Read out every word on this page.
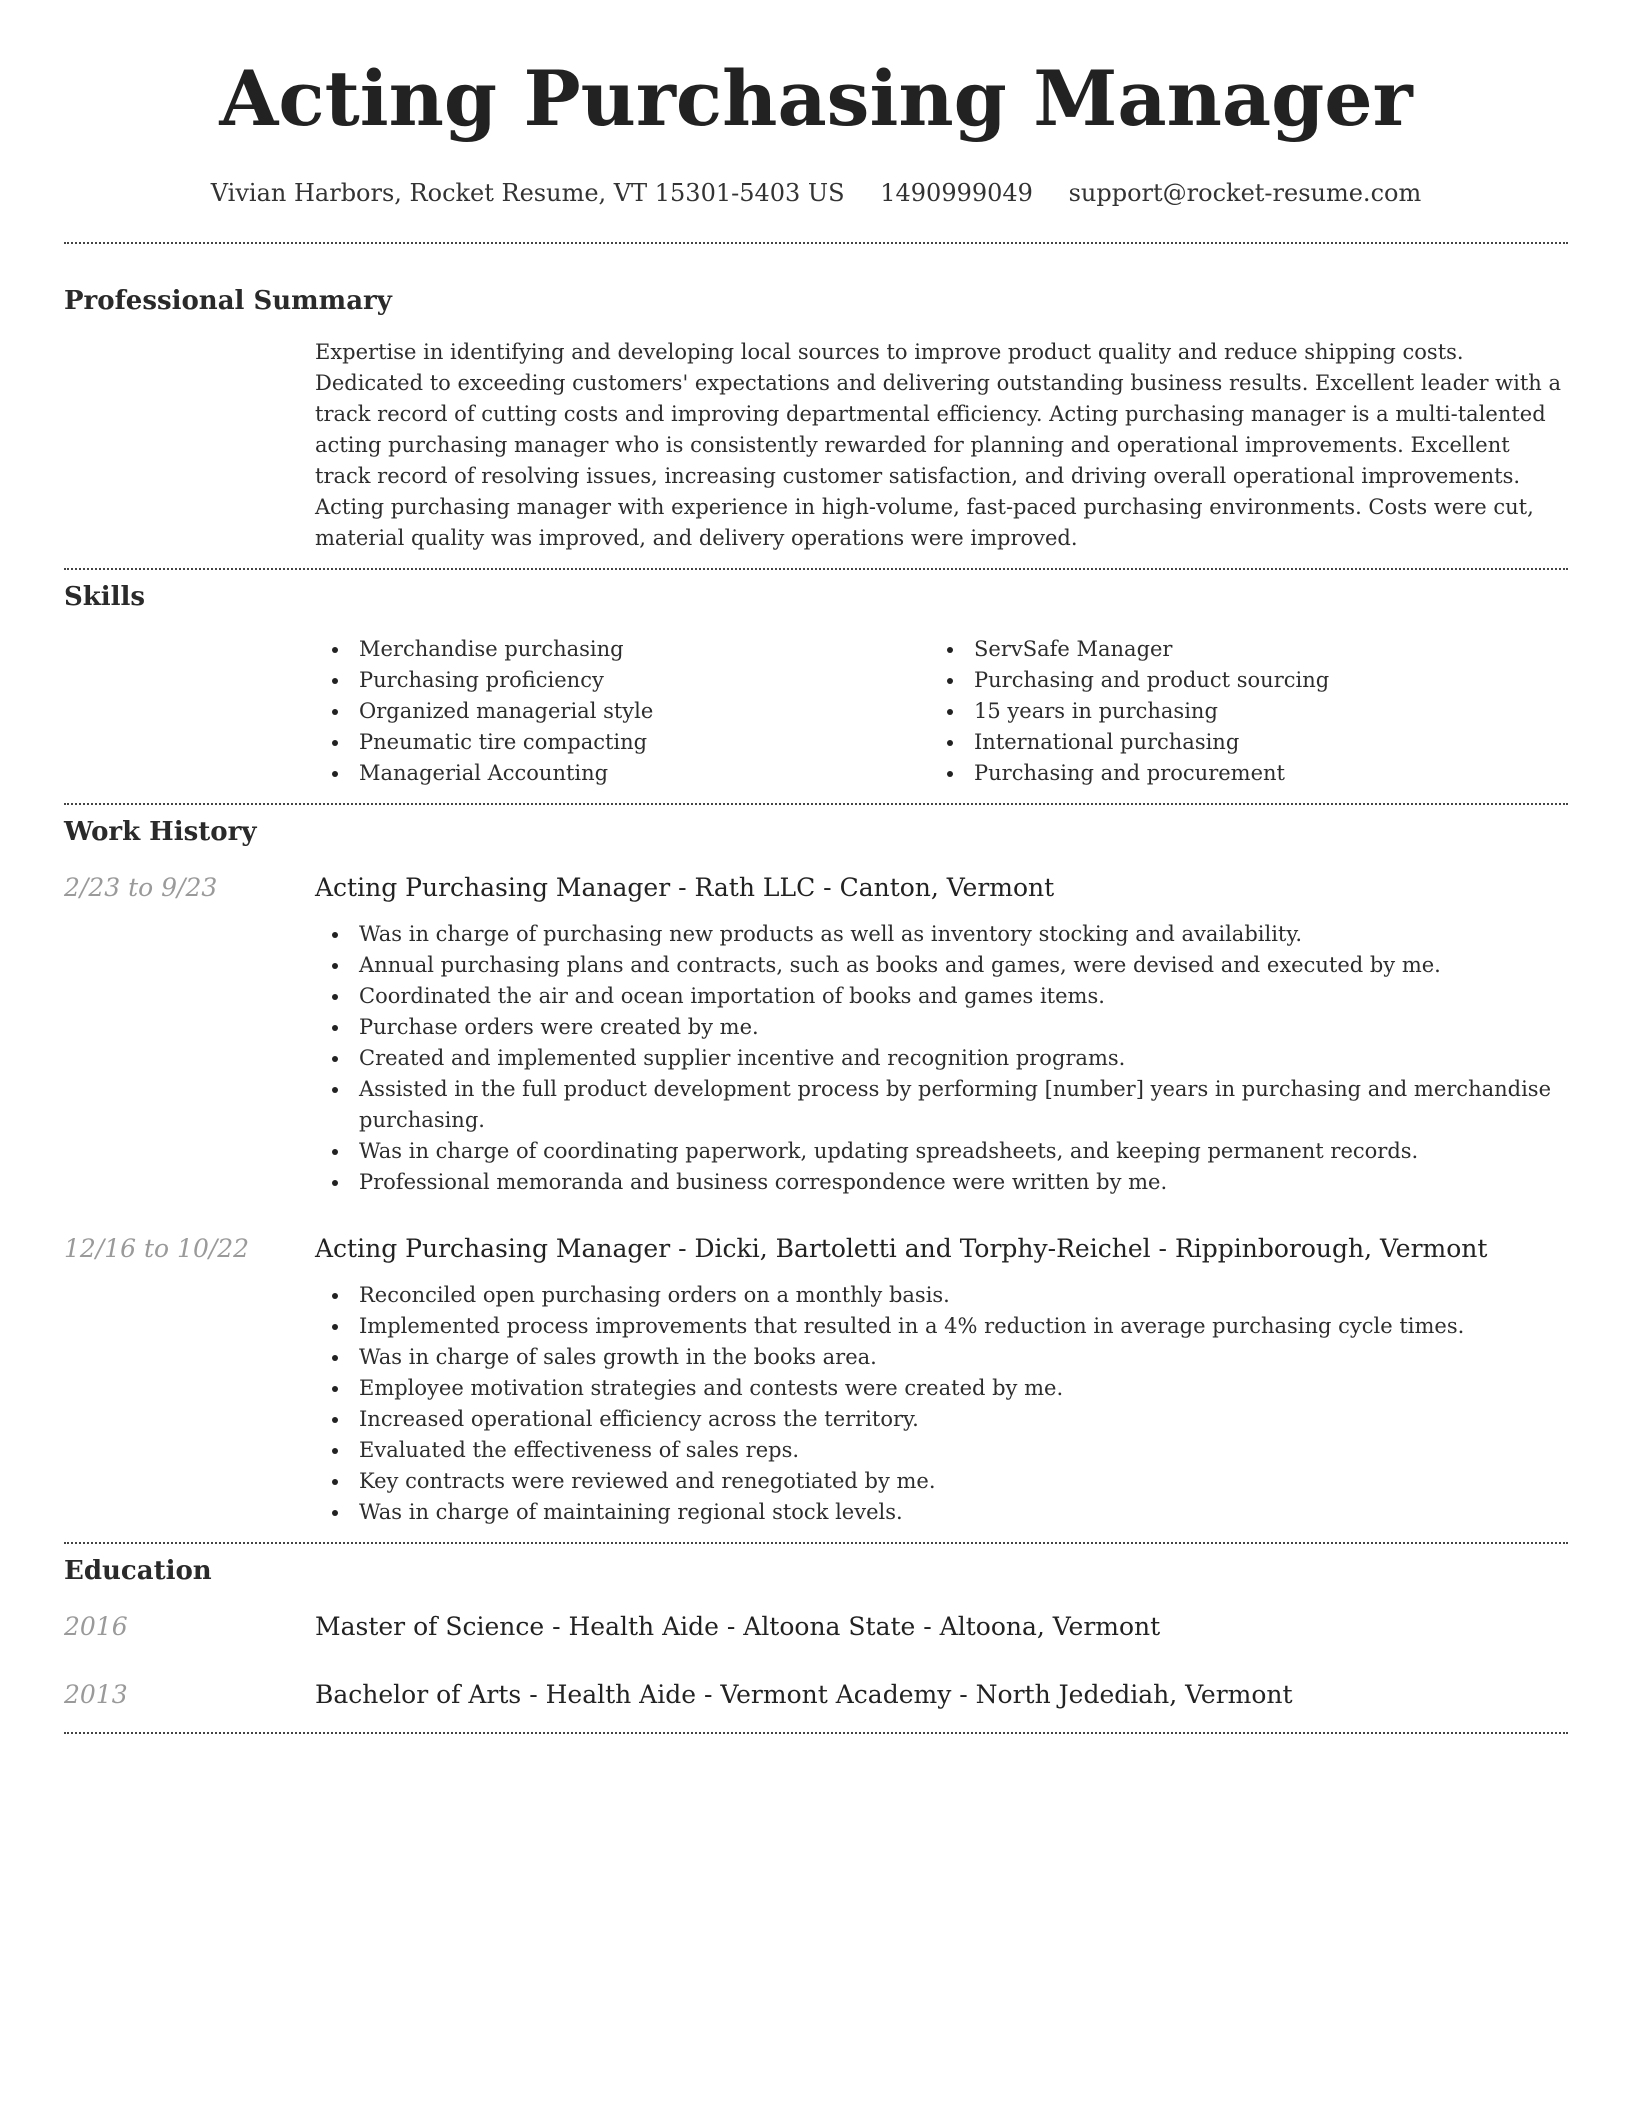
Acting Purchasing Manager
Vivian Harbors, Rocket Resume, VT 15301-5403 US 1490999049 support@rocket-resume.com
Professional Summary

Expertise in identifying and developing local sources to improve product quality and reduce shipping costs. Dedicated to exceeding customers' expectations and delivering outstanding business results. Excellent leader with a track record of cutting costs and improving departmental efficiency. Acting purchasing manager is a multi-talented acting purchasing manager who is consistently rewarded for planning and operational improvements. Excellent track record of resolving issues, increasing customer satisfaction, and driving overall operational improvements. Acting purchasing manager with experience in high-volume, fast-paced purchasing environments. Costs were cut, material quality was improved, and delivery operations were improved.

Skills
Merchandise purchasing
Purchasing proficiency
Organized managerial style
Pneumatic tire compacting
Managerial Accounting
ServSafe Manager
Purchasing and product sourcing
15 years in purchasing
International purchasing
Purchasing and procurement
Work History
2/23 to 9/23	Acting Purchasing Manager - Rath LLC - Canton, Vermont
Was in charge of purchasing new products as well as inventory stocking and availability.
Annual purchasing plans and contracts, such as books and games, were devised and executed by me.
Coordinated the air and ocean importation of books and games items.
Purchase orders were created by me.
Created and implemented supplier incentive and recognition programs.
Assisted in the full product development process by performing [number] years in purchasing and merchandise purchasing.
Was in charge of coordinating paperwork, updating spreadsheets, and keeping permanent records.
Professional memoranda and business correspondence were written by me.
12/16 to 10/22	Acting Purchasing Manager - Dicki, Bartoletti and Torphy-Reichel - Rippinborough, Vermont
Reconciled open purchasing orders on a monthly basis.
Implemented process improvements that resulted in a 4% reduction in average purchasing cycle times.
Was in charge of sales growth in the books area.
Employee motivation strategies and contests were created by me.
Increased operational efficiency across the territory.
Evaluated the effectiveness of sales reps.
Key contracts were reviewed and renegotiated by me.
Was in charge of maintaining regional stock levels.
Education
2016	Master of Science - Health Aide - Altoona State - Altoona, Vermont
2013	Bachelor of Arts - Health Aide - Vermont Academy - North Jedediah, Vermont
